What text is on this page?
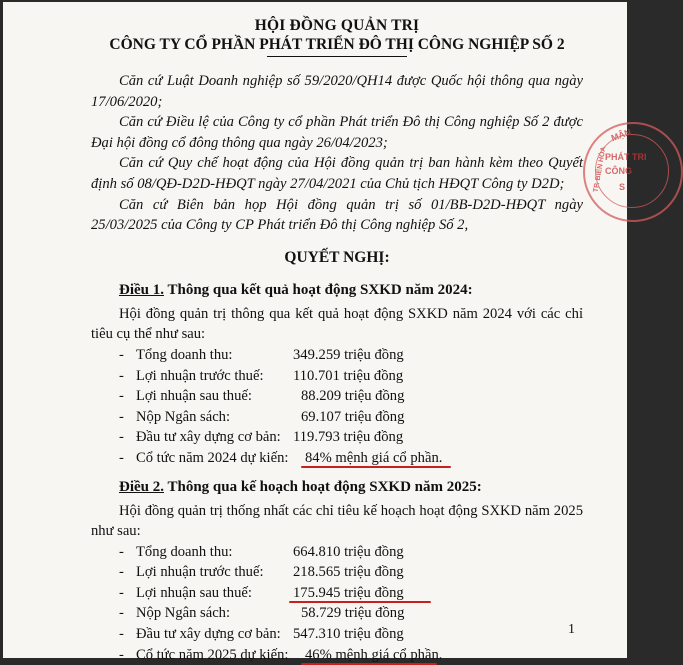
HỘI ĐỒNG QUẢN TRỊ
CÔNG TY CỔ PHẦN PHÁT TRIỂN ĐÔ THỊ CÔNG NGHIỆP SỐ 2

Căn cứ Luật Doanh nghiệp số 59/2020/QH14 được Quốc hội thông qua ngày 17/06/2020;

Căn cứ Điều lệ của Công ty cổ phần Phát triển Đô thị Công nghiệp Số 2 được Đại hội đồng cổ đông thông qua ngày 26/04/2023;

Căn cứ Quy chế hoạt động của Hội đồng quản trị ban hành kèm theo Quyết định số 08/QĐ-D2D-HĐQT ngày 27/04/2021 của Chủ tịch HĐQT Công ty D2D;

Căn cứ Biên bản họp Hội đồng quản trị số 01/BB-D2D-HĐQT ngày 25/03/2025 của Công ty CP Phát triển Đô thị Công nghiệp Số 2,

QUYẾT NGHỊ:
Điều 1. Thông qua kết quả hoạt động SXKD năm 2024:

Hội đồng quản trị thông qua kết quả hoạt động SXKD năm 2024 với các chỉ tiêu cụ thể như sau:

- Tổng doanh thu:	349.259 triệu đồng
- Lợi nhuận trước thuế: 110.701 triệu đồng
- Lợi nhuận sau thuế:	88.209 triệu đồng
- Nộp Ngân sách:	69.107 triệu đồng
- Đầu tư xây dựng cơ bản: 119.793 triệu đồng
- Cổ tức năm 2024 dự kiến: 84% mệnh giá cổ phần.
Điều 2. Thông qua kế hoạch hoạt động SXKD năm 2025:

Hội đồng quản trị thống nhất các chỉ tiêu kế hoạch hoạt động SXKD năm 2025 như sau:

- Tổng doanh thu:	664.810 triệu đồng
- Lợi nhuận trước thuế: 218.565 triệu đồng
- Lợi nhuận sau thuế:	175.945 triệu đồng
- Nộp Ngân sách:	58.729 triệu đồng
- Đầu tư xây dựng cơ bản: 547.310 triệu đồng
- Cổ tức năm 2025 dự kiến: 46% mệnh giá cổ phần.
MẬN
PHÁT TRI
CÔNG
S
TP. BIÊN HÒA
1
